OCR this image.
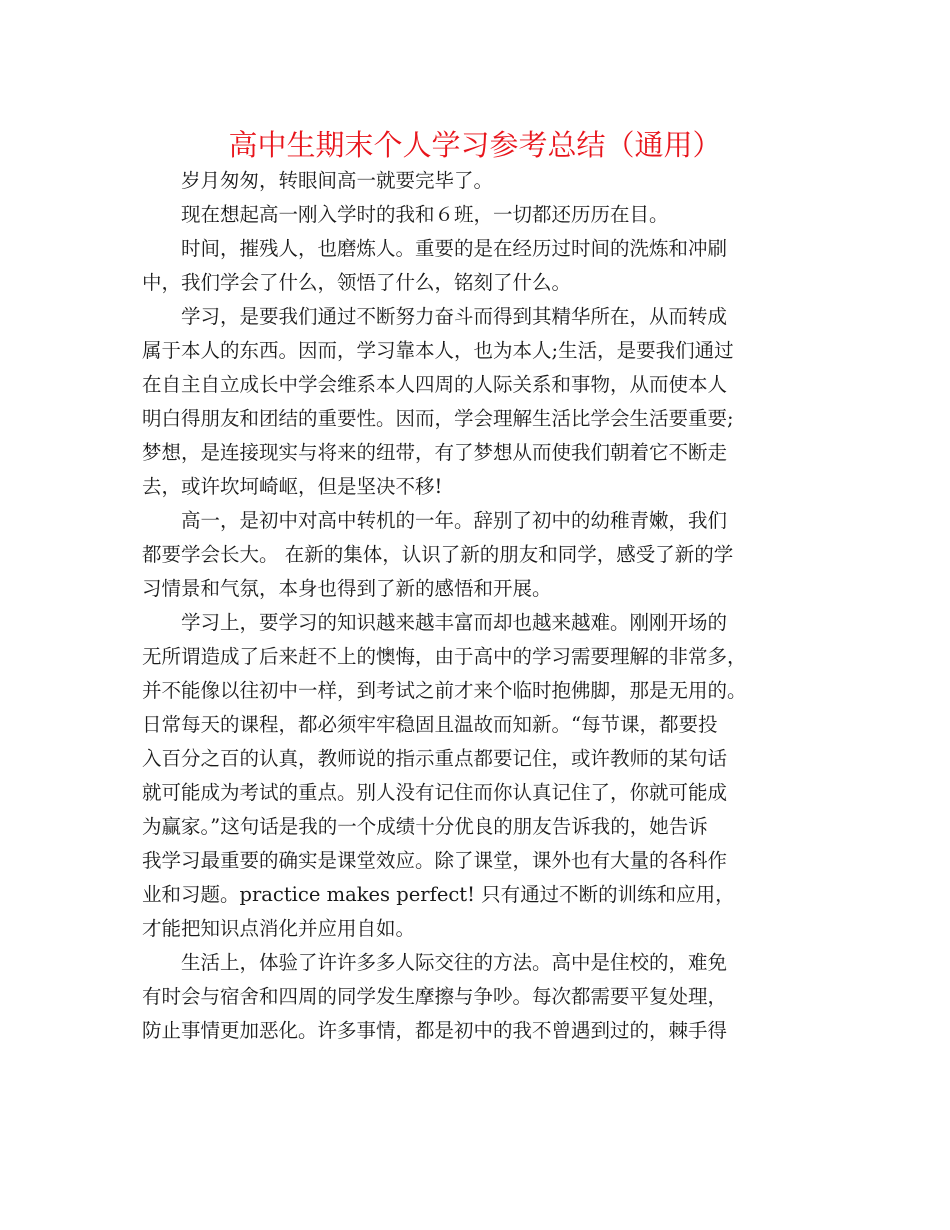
高中生期末个人学习参考总结（通用）

岁月匆匆，转眼间高一就要完毕了。

现在想起高一刚入学时的我和６班，一切都还历历在目。

时间，摧残人，也磨炼人。重要的是在经历过时间的洗炼和冲刷
中，我们学会了什么，领悟了什么，铭刻了什么。

学习，是要我们通过不断努力奋斗而得到其精华所在，从而转成
属于本人的东西。因而，学习靠本人，也为本人;生活，是要我们通过
在自主自立成长中学会维系本人四周的人际关系和事物，从而使本人
明白得朋友和团结的重要性。因而，学会理解生活比学会生活要重要;
梦想，是连接现实与将来的纽带，有了梦想从而使我们朝着它不断走
去，或许坎坷崎岖，但是坚决不移!

高一，是初中对高中转机的一年。辞别了初中的幼稚青嫩，我们
都要学会长大。 在新的集体，认识了新的朋友和同学，感受了新的学
习情景和气氛，本身也得到了新的感悟和开展。

学习上，要学习的知识越来越丰富而却也越来越难。刚刚开场的
无所谓造成了后来赶不上的懊悔，由于高中的学习需要理解的非常多，
并不能像以往初中一样，到考试之前才来个临时抱佛脚，那是无用的。
日常每天的课程，都必须牢牢稳固且温故而知新。“每节课，都要投
入百分之百的认真，教师说的指示重点都要记住，或许教师的某句话
就可能成为考试的重点。别人没有记住而你认真记住了，你就可能成
为赢家。”这句话是我的一个成绩十分优良的朋友告诉我的，她告诉
我学习最重要的确实是课堂效应。除了课堂，课外也有大量的各科作
业和习题。practice makes perfect! 只有通过不断的训练和应用，
才能把知识点消化并应用自如。

生活上，体验了许许多多人际交往的方法。高中是住校的，难免
有时会与宿舍和四周的同学发生摩擦与争吵。每次都需要平复处理，
防止事情更加恶化。许多事情，都是初中的我不曾遇到过的，棘手得
